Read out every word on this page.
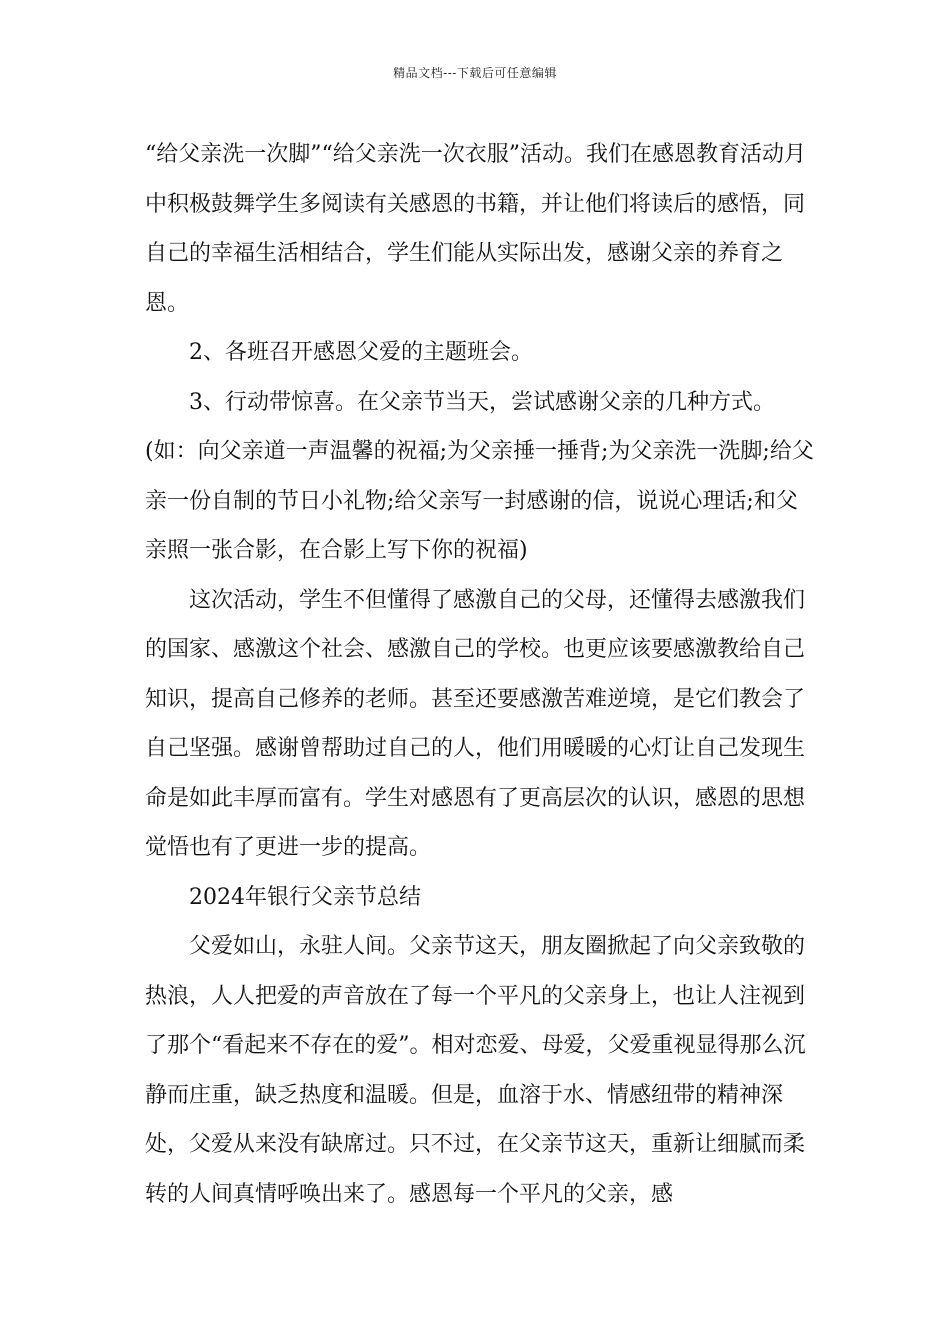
精品文档---下载后可任意编辑

“给父亲洗一次脚”“给父亲洗一次衣服”活动。我们在感恩教育活动月中积极鼓舞学生多阅读有关感恩的书籍，并让他们将读后的感悟，同自己的幸福生活相结合，学生们能从实际出发，感谢父亲的养育之恩。

2、各班召开感恩父爱的主题班会。

3、行动带惊喜。在父亲节当天，尝试感谢父亲的几种方式。(如：向父亲道一声温馨的祝福;为父亲捶一捶背;为父亲洗一洗脚;给父亲一份自制的节日小礼物;给父亲写一封感谢的信，说说心理话;和父亲照一张合影，在合影上写下你的祝福)

这次活动，学生不但懂得了感激自己的父母，还懂得去感激我们的国家、感激这个社会、感激自己的学校。也更应该要感激教给自己知识，提高自己修养的老师。甚至还要感激苦难逆境，是它们教会了自己坚强。感谢曾帮助过自己的人，他们用暖暖的心灯让自己发现生命是如此丰厚而富有。学生对感恩有了更高层次的认识，感恩的思想觉悟也有了更进一步的提高。

2024年银行父亲节总结

父爱如山，永驻人间。父亲节这天，朋友圈掀起了向父亲致敬的热浪，人人把爱的声音放在了每一个平凡的父亲身上，也让人注视到了那个“看起来不存在的爱”。相对恋爱、母爱，父爱重视显得那么沉静而庄重，缺乏热度和温暖。但是，血溶于水、情感纽带的精神深处，父爱从来没有缺席过。只不过，在父亲节这天，重新让细腻而柔转的人间真情呼唤出来了。感恩每一个平凡的父亲，感
